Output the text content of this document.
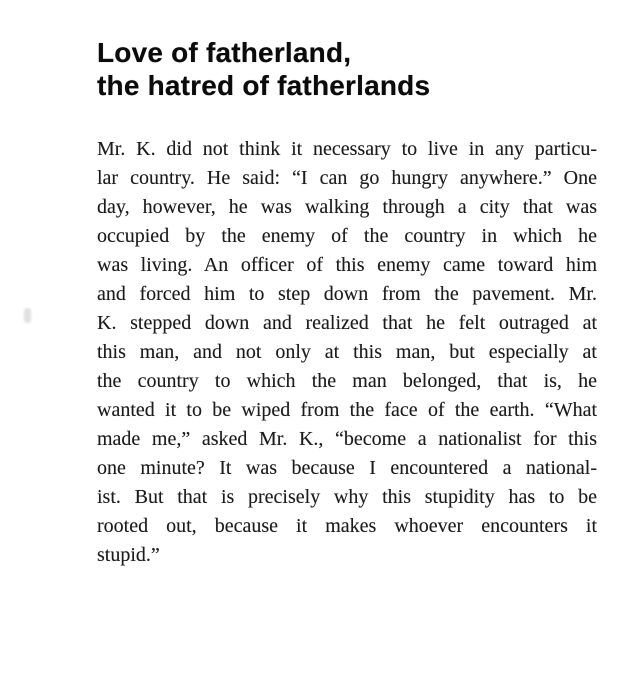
Love of fatherland,
the hatred of fatherlands
Mr. K. did not think it necessary to live in any particu-
lar country. He said: “I can go hungry anywhere.” One
day, however, he was walking through a city that was
occupied by the enemy of the country in which he
was living. An officer of this enemy came toward him
and forced him to step down from the pavement. Mr.
K. stepped down and realized that he felt outraged at
this man, and not only at this man, but especially at
the country to which the man belonged, that is, he
wanted it to be wiped from the face of the earth. “What
made me,” asked Mr. K., “become a nationalist for this
one minute? It was because I encountered a national-
ist. But that is precisely why this stupidity has to be
rooted out, because it makes whoever encounters it
stupid.”
